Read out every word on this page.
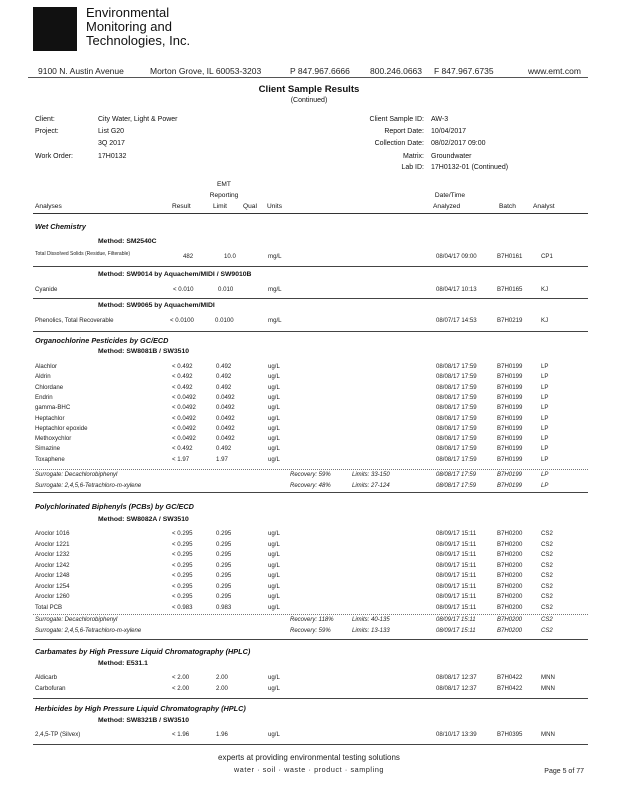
Environmental
Monitoring and
Technologies, Inc.
9100 N. Austin Avenue	Morton Grove, IL 60053-3203	P 847.967.6666 800.246.0663 F 847.967.6735	www.emt.com
Client Sample Results
(Continued)
Client:	City Water, Light & Power
Project:	List G20
3Q 2017
Work Order:	17H0132
Client Sample ID: AW-3
Report Date: 10/04/2017
Collection Date: 08/02/2017 09:00
Matrix: Groundwater
Lab ID: 17H0132-01 (Continued)
EMT
Reporting	Date/Time
Analyses	Result	Limit Qual Units	Analyzed	Batch	Analyst
Wet Chemistry
Method: SM2540C
Total Dissolved Solids (Residue, Filterable)	482	10.0	mg/L	08/04/17 09:00	B7H0161	CP1
Method: SW9014 by Aquachem/MIDI / SW9010B
Cyanide	< 0.010	0.010	mg/L	08/04/17 10:13	B7H0165	KJ
Method: SW9065 by Aquachem/MIDI
Phenolics, Total Recoverable	< 0.0100	0.0100	mg/L	08/07/17 14:53	B7H0219	KJ
Organochlorine Pesticides by GC/ECD
Method: SW8081B / SW3510
Alachlor	< 0.492	0.492	ug/L	08/08/17 17:59	B7H0199	LP
Aldrin	< 0.492	0.492	ug/L	08/08/17 17:59	B7H0199	LP
Chlordane	< 0.492	0.492	ug/L	08/08/17 17:59	B7H0199	LP
Endrin	< 0.0492	0.0492	ug/L	08/08/17 17:59	B7H0199	LP
gamma-BHC	< 0.0492	0.0492	ug/L	08/08/17 17:59	B7H0199	LP
Heptachlor	< 0.0492	0.0492	ug/L	08/08/17 17:59	B7H0199	LP
Heptachlor epoxide	< 0.0492	0.0492	ug/L	08/08/17 17:59	B7H0199	LP
Methoxychlor	< 0.0492	0.0492	ug/L	08/08/17 17:59	B7H0199	LP
Simazine	< 0.492	0.492	ug/L	08/08/17 17:59	B7H0199	LP
Toxaphene	< 1.97	1.97	ug/L	08/08/17 17:59	B7H0199	LP
Surrogate: Decachlorobiphenyl	Recovery: 59%	Limits: 33-150	08/08/17 17:59	B7H0199	LP
Surrogate: 2,4,5,6-Tetrachloro-m-xylene	Recovery: 48%	Limits: 27-124	08/08/17 17:59	B7H0199	LP
Polychlorinated Biphenyls (PCBs) by GC/ECD
Method: SW8082A / SW3510
Aroclor 1016	< 0.295	0.295	ug/L	08/09/17 15:11	B7H0200	CS2
Aroclor 1221	< 0.295	0.295	ug/L	08/09/17 15:11	B7H0200	CS2
Aroclor 1232	< 0.295	0.295	ug/L	08/09/17 15:11	B7H0200	CS2
Aroclor 1242	< 0.295	0.295	ug/L	08/09/17 15:11	B7H0200	CS2
Aroclor 1248	< 0.295	0.295	ug/L	08/09/17 15:11	B7H0200	CS2
Aroclor 1254	< 0.295	0.295	ug/L	08/09/17 15:11	B7H0200	CS2
Aroclor 1260	< 0.295	0.295	ug/L	08/09/17 15:11	B7H0200	CS2
Total PCB	< 0.983	0.983	ug/L	08/09/17 15:11	B7H0200	CS2
Surrogate: Decachlorobiphenyl	Recovery: 118%	Limits: 40-135	08/09/17 15:11	B7H0200	CS2
Surrogate: 2,4,5,6-Tetrachloro-m-xylene	Recovery: 59%	Limits: 13-133	08/09/17 15:11	B7H0200	CS2
Carbamates by High Pressure Liquid Chromatography (HPLC)
Method: E531.1
Aldicarb	< 2.00	2.00	ug/L	08/08/17 12:37	B7H0422	MNN
Carbofuran	< 2.00	2.00	ug/L	08/08/17 12:37	B7H0422	MNN
Herbicides by High Pressure Liquid Chromatography (HPLC)
Method: SW8321B / SW3510
2,4,5-TP (Silvex)	< 1.96	1.96	ug/L	08/10/17 13:39	B7H0395	MNN
experts at providing environmental testing solutions
water · soil · waste · product · sampling	Page 5 of 77
